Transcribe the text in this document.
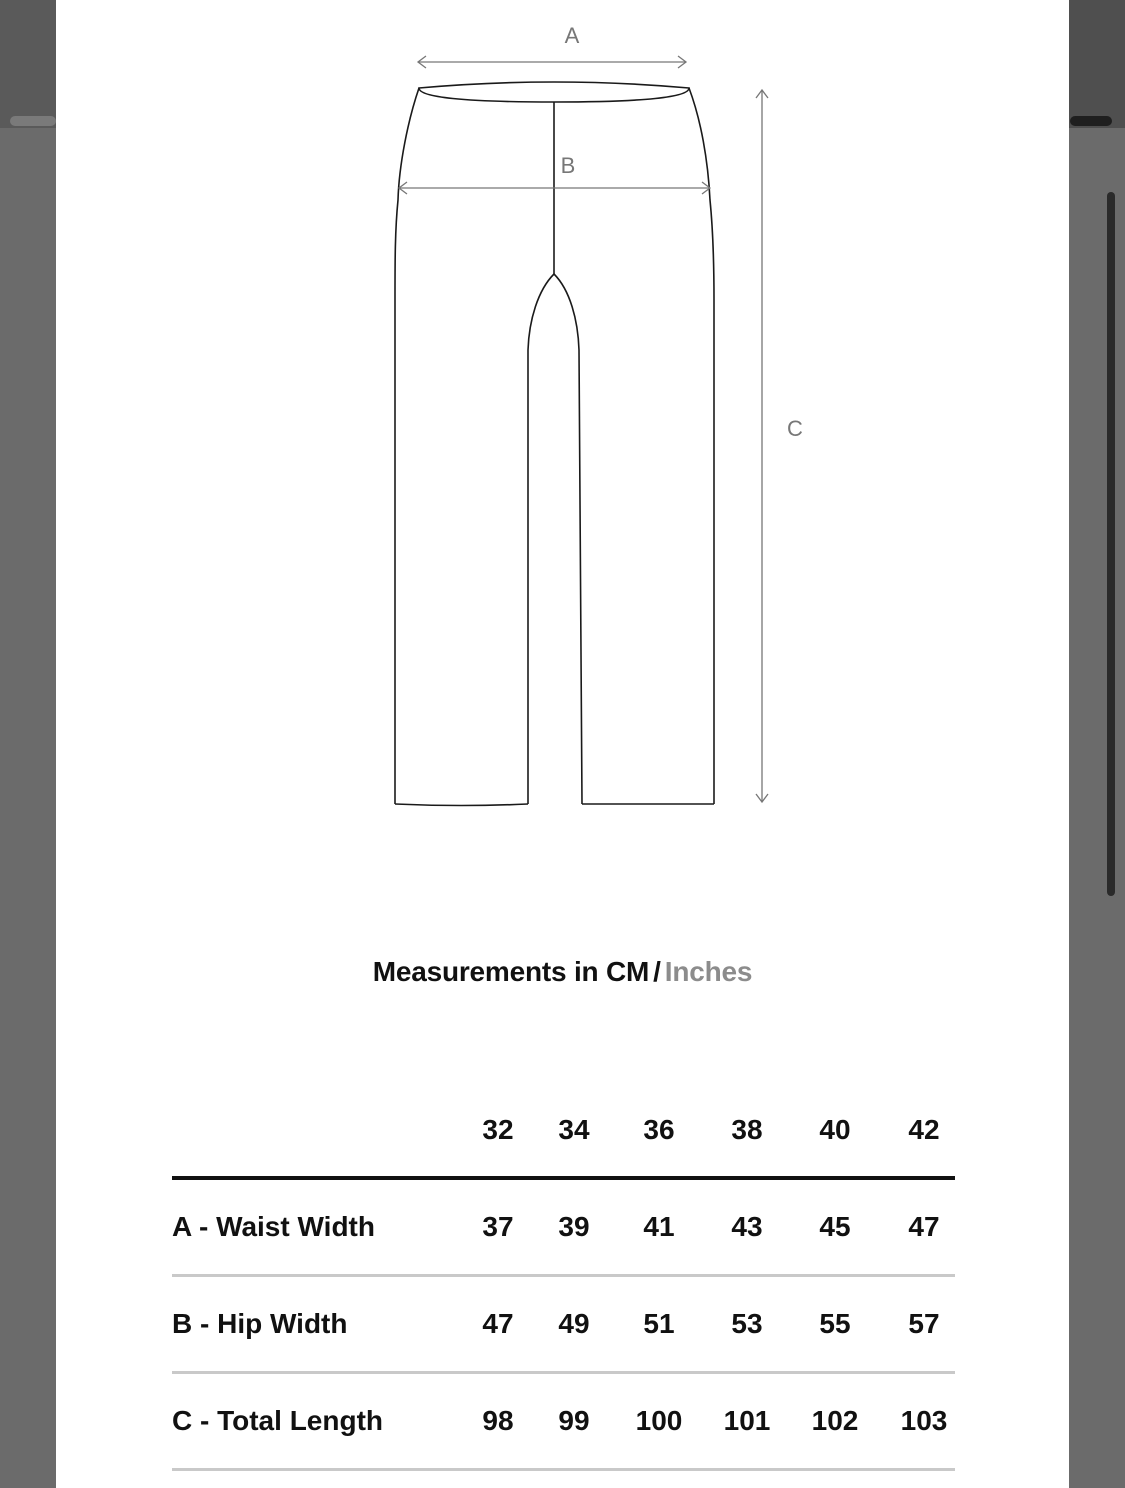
A
B
C
Measurements in CM / Inches
32	34	36	38	40	42
A - Waist Width	37	39	41	43	45	47
B - Hip Width	47	49	51	53	55	57
C - Total Length	98	99	100	101	102	103
